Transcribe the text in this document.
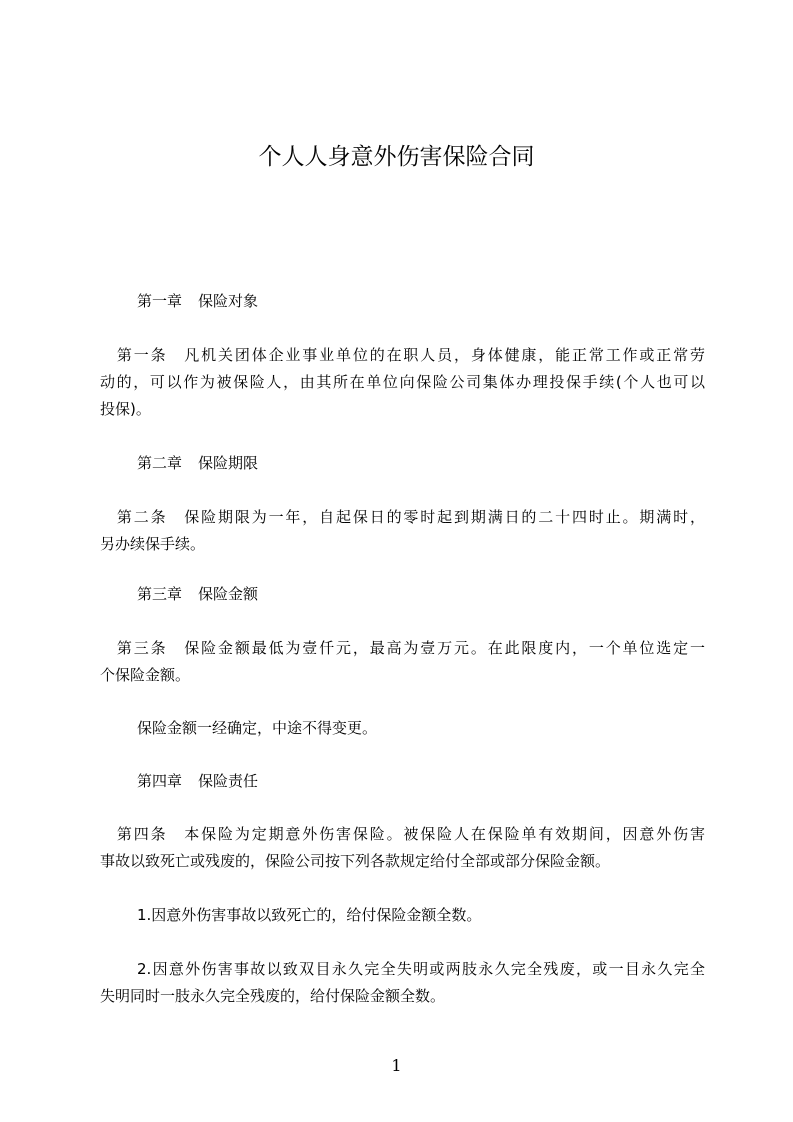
个人人身意外伤害保险合同
第一章 保险对象
　第一条　凡机关团体企业事业单位的在职人员，身体健康，能正常工作或正常劳
动的，可以作为被保险人，由其所在单位向保险公司集体办理投保手续(个人也可以
投保)。
第二章 保险期限
　第二条　保险期限为一年，自起保日的零时起到期满日的二十四时止。期满时，
另办续保手续。
第三章 保险金额
　第三条　保险金额最低为壹仟元，最高为壹万元。在此限度内，一个单位选定一
个保险金额。
保险金额一经确定，中途不得变更。
第四章 保险责任
　第四条　本保险为定期意外伤害保险。被保险人在保险单有效期间，因意外伤害
事故以致死亡或残废的，保险公司按下列各款规定给付全部或部分保险金额。
1.因意外伤害事故以致死亡的，给付保险金额全数。
2.因意外伤害事故以致双目永久完全失明或两肢永久完全残废，或一目永久完全
失明同时一肢永久完全残废的，给付保险金额全数。
1
